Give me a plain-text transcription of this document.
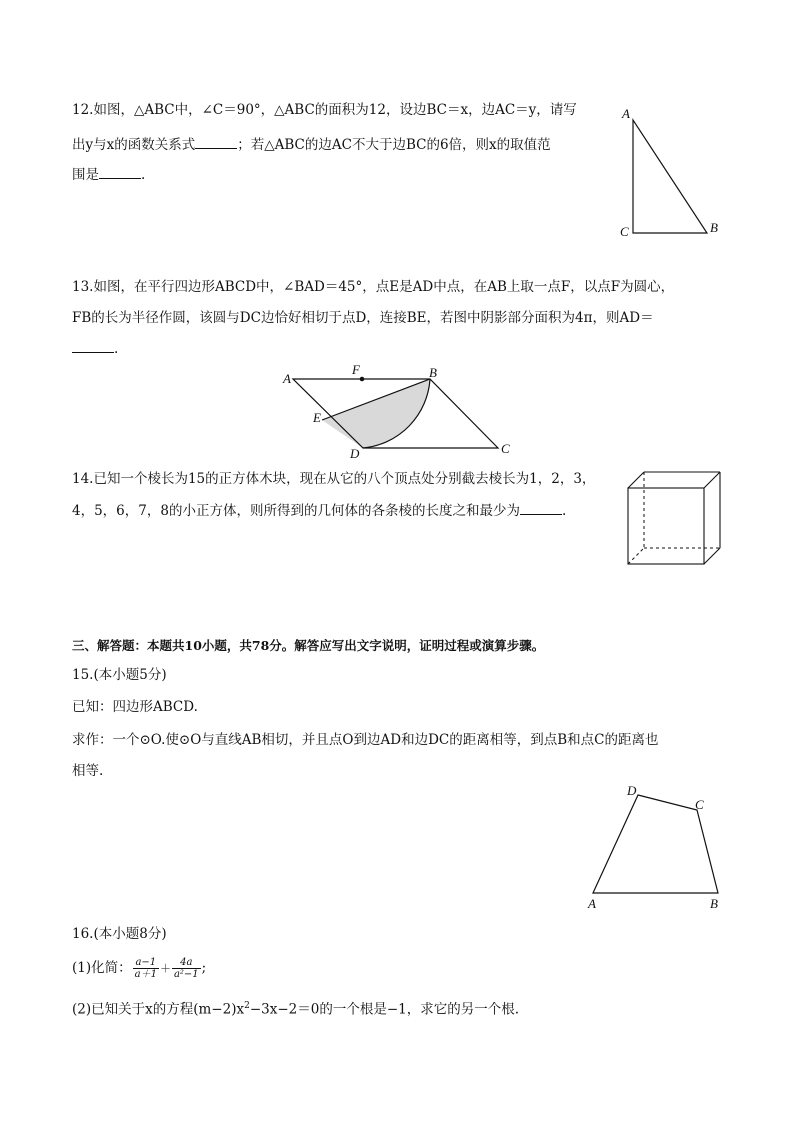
12.如图，△ABC中，∠C＝90°，△ABC的面积为12，设边BC＝x，边AC＝y，请写
出y与x的函数关系式	；若△ABC的边AC不大于边BC的6倍，则x的取值范
围是	.
A
C	B
13.如图，在平行四边形ABCD中，∠BAD＝45°，点E是AD中点，在AB上取一点F，以点F为圆心，
FB的长为半径作圆，该圆与DC边恰好相切于点D，连接BE，若图中阴影部分面积为4π，则AD＝
.
A
F	B
E
D	C
14.已知一个棱长为15的正方体木块，现在从它的八个顶点处分别截去棱长为1，2，3，
4，5，6，7，8的小正方体，则所得到的几何体的各条棱的长度之和最少为	.
三、解答题：本题共10小题，共78分。解答应写出文字说明，证明过程或演算步骤。
15.(本小题5分)
已知：四边形ABCD.
求作：一个⊙O.使⊙O与直线AB相切，并且点O到边AD和边DC的距离相等，到点B和点C的距离也
相等.
A	B
C
D
16.(本小题8分)
(1)化简： $\frac{a-1}{a+1} + \frac{4a}{\text{a²−1}}$ ;
(2)已知关于x的方程$(m-2)x^2-3x-2=0$的一个根是−1，求它的另一个根.
